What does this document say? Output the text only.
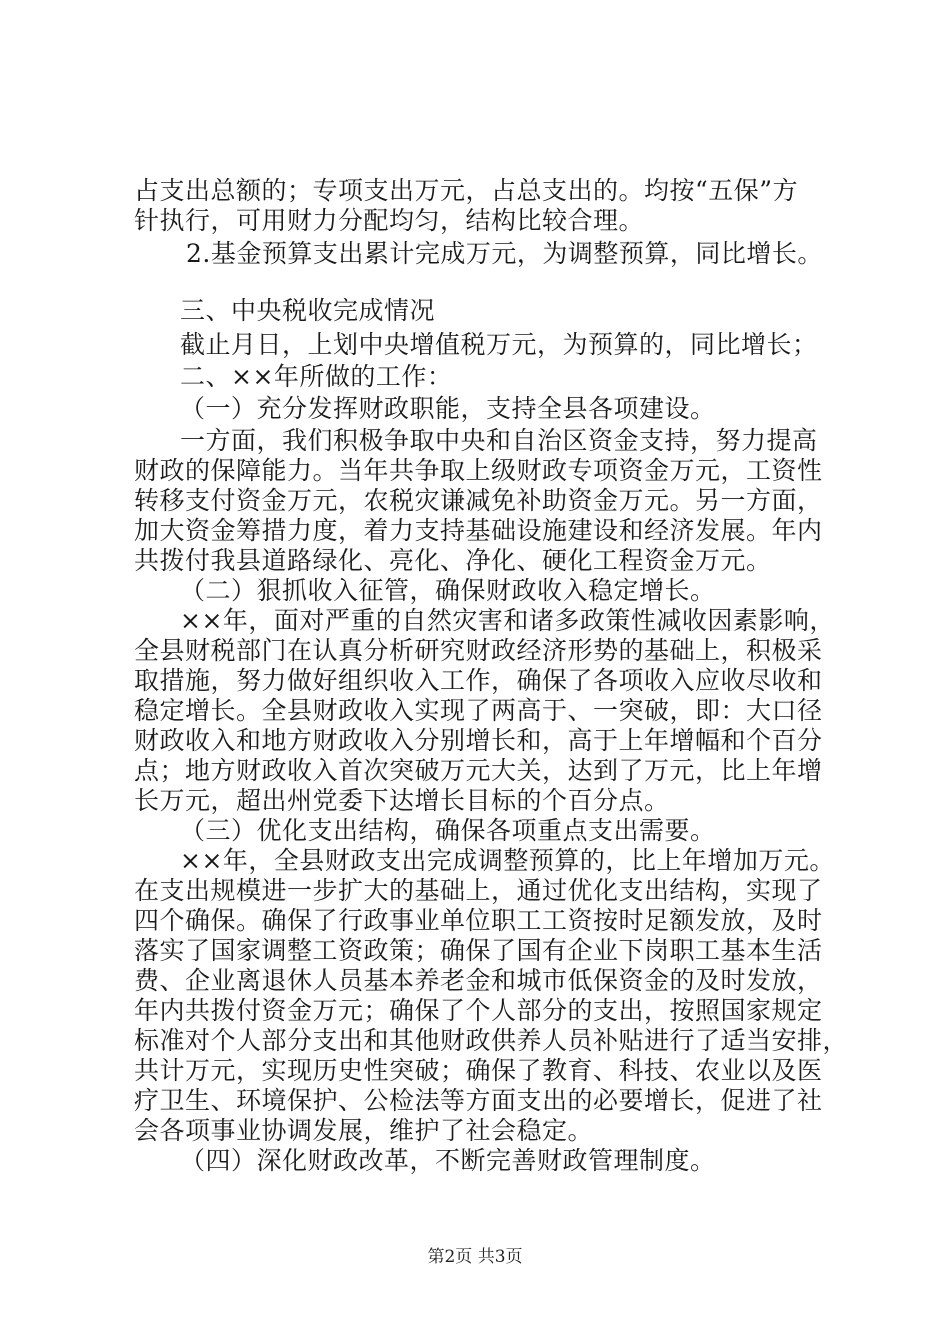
占支出总额的；专项支出万元，占总支出的。均按“五保”方
针执行，可用财力分配均匀，结构比较合理。
2.基金预算支出累计完成万元，为调整预算，同比增长。
三、中央税收完成情况
截止月日，上划中央增值税万元，为预算的，同比增长；
二、××年所做的工作：
（一）充分发挥财政职能，支持全县各项建设。
一方面，我们积极争取中央和自治区资金支持，努力提高
财政的保障能力。当年共争取上级财政专项资金万元，工资性
转移支付资金万元，农税灾谦减免补助资金万元。另一方面，
加大资金筹措力度，着力支持基础设施建设和经济发展。年内
共拨付我县道路绿化、亮化、净化、硬化工程资金万元。
（二）狠抓收入征管，确保财政收入稳定增长。
××年，面对严重的自然灾害和诸多政策性减收因素影响，
全县财税部门在认真分析研究财政经济形势的基础上，积极采
取措施，努力做好组织收入工作，确保了各项收入应收尽收和
稳定增长。全县财政收入实现了两高于、一突破，即：大口径
财政收入和地方财政收入分别增长和，高于上年增幅和个百分
点；地方财政收入首次突破万元大关，达到了万元，比上年增
长万元，超出州党委下达增长目标的个百分点。
（三）优化支出结构，确保各项重点支出需要。
××年，全县财政支出完成调整预算的，比上年增加万元。
在支出规模进一步扩大的基础上，通过优化支出结构，实现了
四个确保。确保了行政事业单位职工工资按时足额发放，及时
落实了国家调整工资政策；确保了国有企业下岗职工基本生活
费、企业离退休人员基本养老金和城市低保资金的及时发放，
年内共拨付资金万元；确保了个人部分的支出，按照国家规定
标准对个人部分支出和其他财政供养人员补贴进行了适当安排，
共计万元，实现历史性突破；确保了教育、科技、农业以及医
疗卫生、环境保护、公检法等方面支出的必要增长，促进了社
会各项事业协调发展，维护了社会稳定。
（四）深化财政改革，不断完善财政管理制度。
第2页 共3页
